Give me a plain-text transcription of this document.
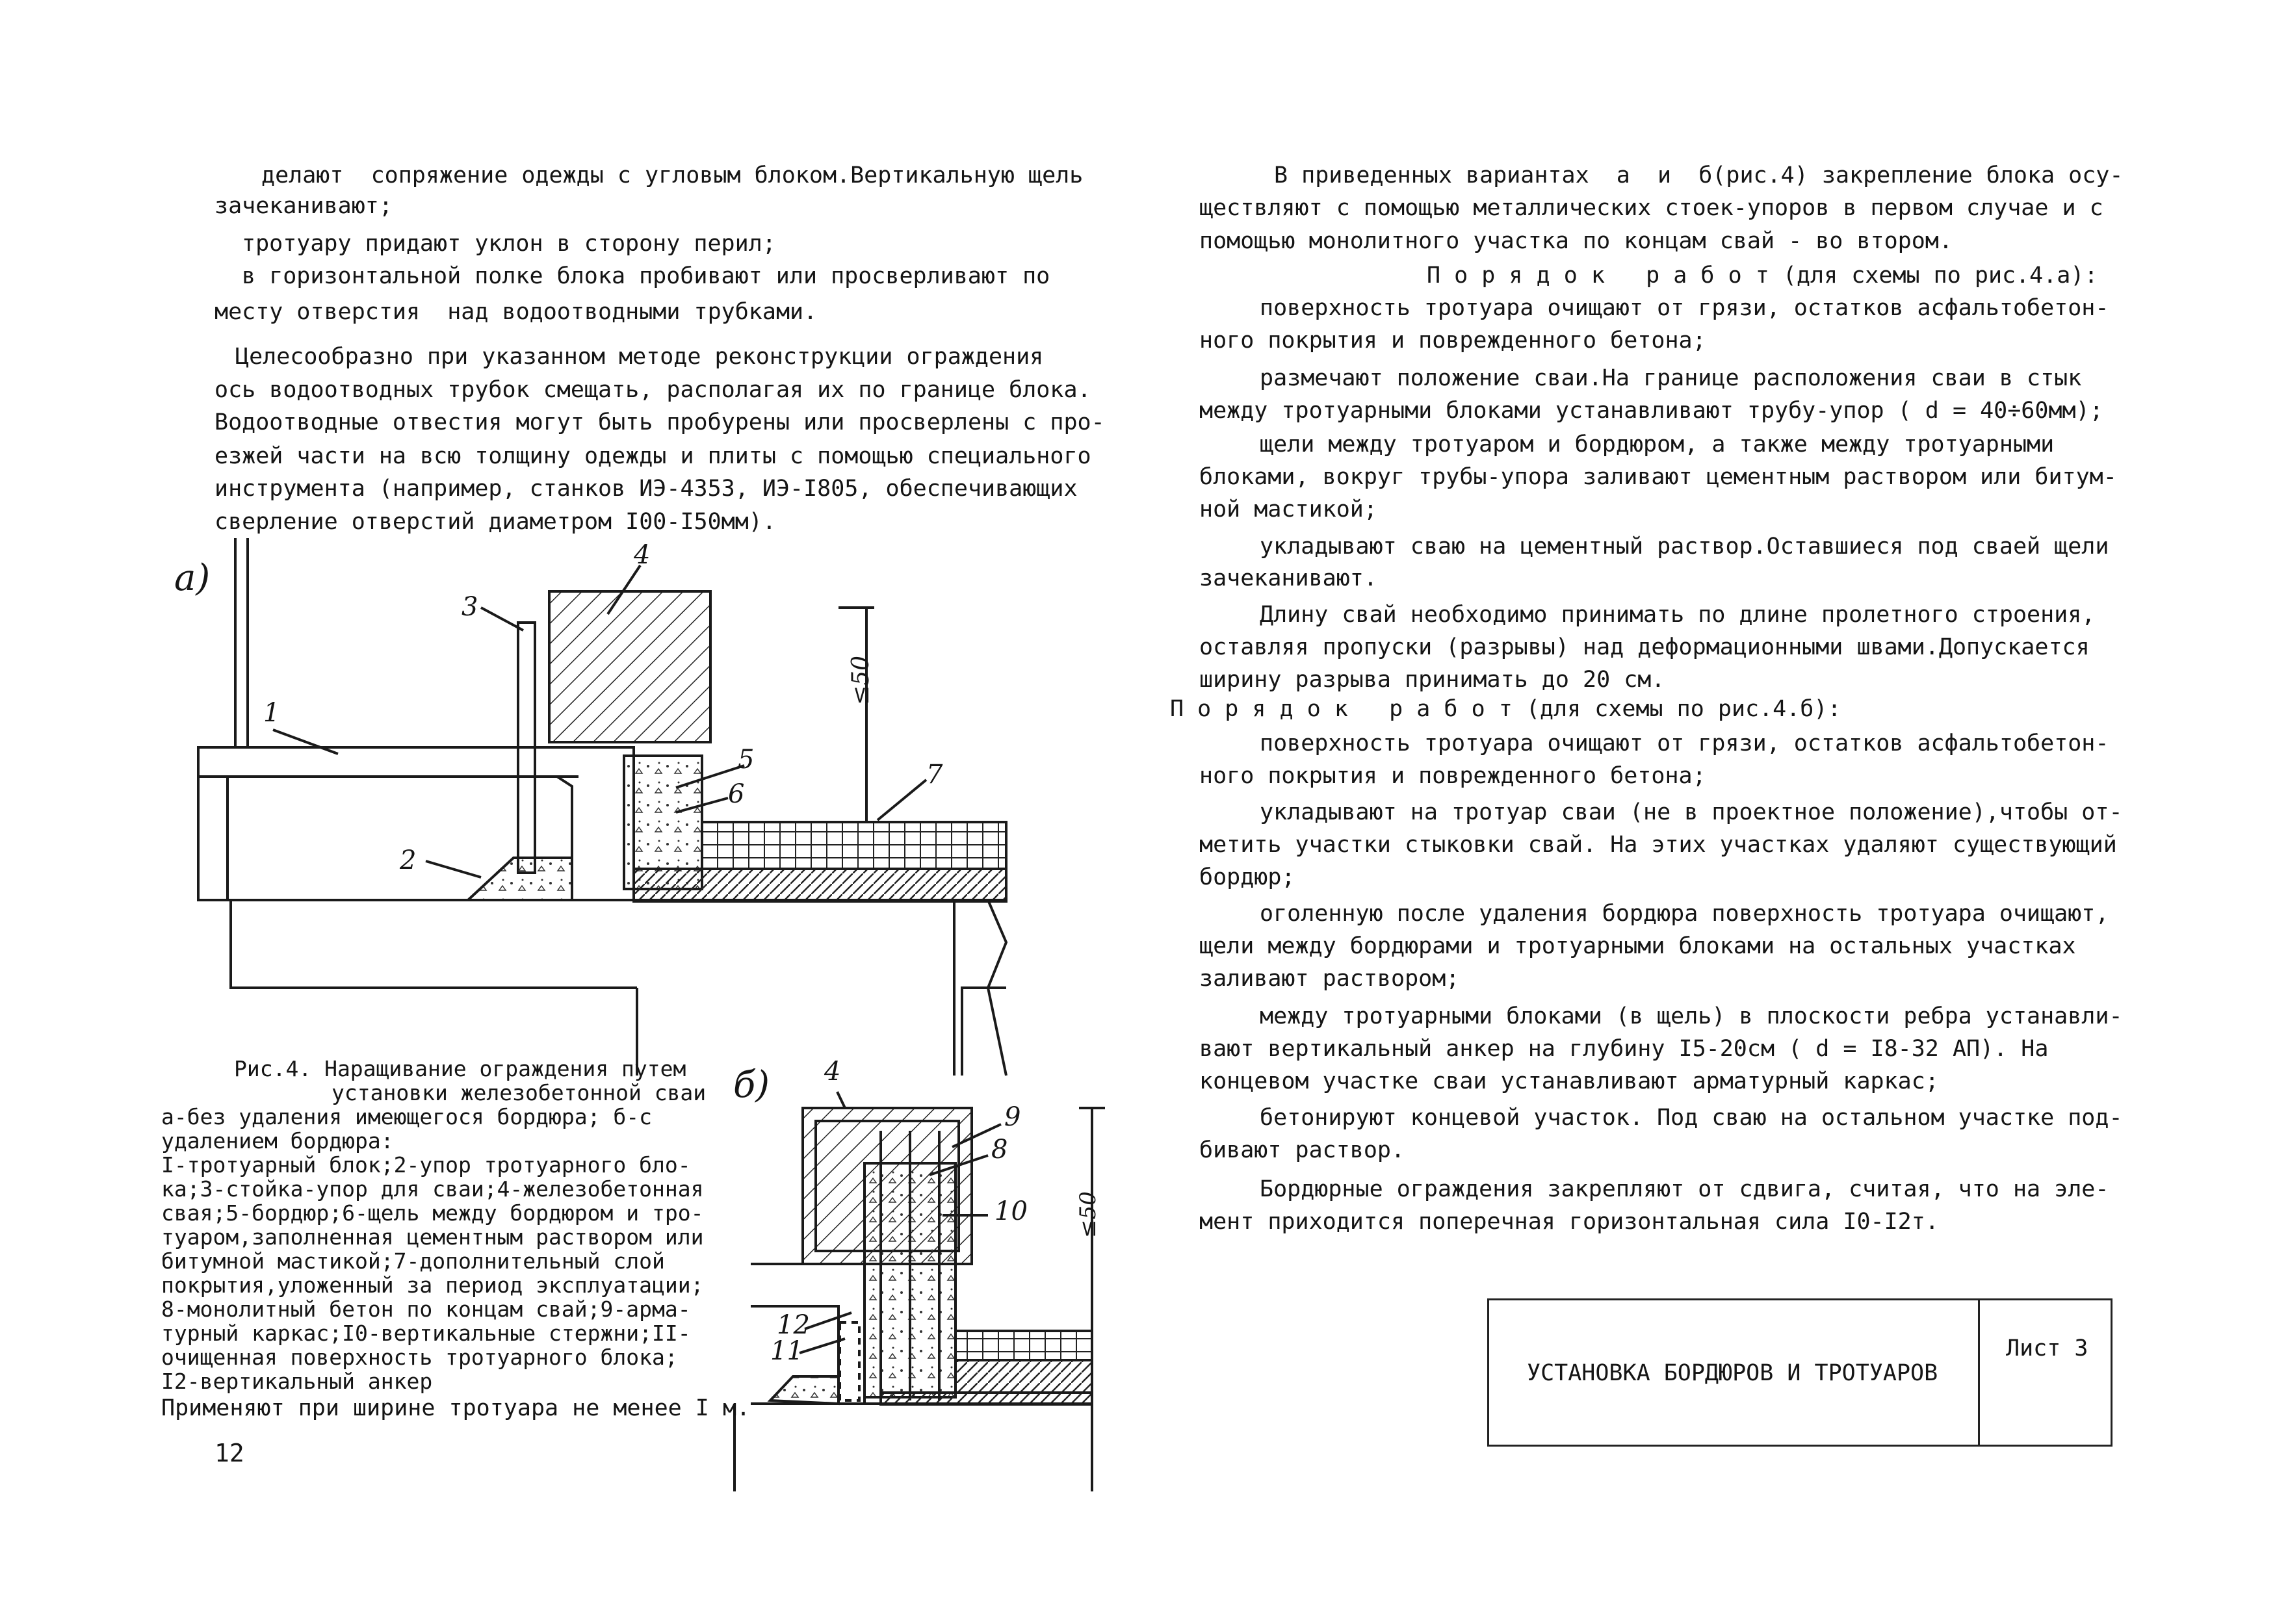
делают  сопряжение одежды с угловым блоком.Вертикальную щель
зачеканивают;
тротуару придают уклон в сторону перил;
в горизонтальной полке блока пробивают или просверливают по
месту отверстия  над водоотводными трубками.
Целесообразно при указанном методе реконструкции ограждения
ось водоотводных трубок смещать, располагая их по границе блока.
Водоотводные отвестия могут быть пробурены или просверлены с про-
езжей части на всю толщину одежды и плиты с помощью специального
инструмента (например, станков ИЭ-4353, ИЭ-I805, обеспечивающих
сверление отверстий диаметром I00-I50мм).
а)
б)
1
2
3
4
5
6
7
≤50
4
9
8
10
12
11
≤50
Рис.4. Наращивание ограждения путем
установки железобетонной сваи
а-без удаления имеющегося бордюра; б-с
удалением бордюра:
I-тротуарный блок;2-упор тротуарного бло-
ка;3-стойка-упор для сваи;4-железобетонная
свая;5-бордюр;6-щель между бордюром и тро-
туаром,заполненная цементным раствором или
битумной мастикой;7-дополнительный слой
покрытия,уложенный за период эксплуатации;
8-монолитный бетон по концам свай;9-арма-
турный каркас;I0-вертикальные стержни;II-
очищенная поверхность тротуарного блока;
I2-вертикальный анкер
Применяют при ширине тротуара не менее I м.
12
В приведенных вариантах  а  и  б(рис.4) закрепление блока осу-
ществляют с помощью металлических стоек-упоров в первом случае и с
помощью монолитного участка по концам свай - во втором.
П о р я д о к   р а б о т (для схемы по рис.4.а):
поверхность тротуара очищают от грязи, остатков асфальтобетон-
ного покрытия и поврежденного бетона;
размечают положение сваи.На границе расположения сваи в стык
между тротуарными блоками устанавливают трубу-упор ( d = 40÷60мм);
щели между тротуаром и бордюром, а также между тротуарными
блоками, вокруг трубы-упора заливают цементным раствором или битум-
ной мастикой;
укладывают сваю на цементный раствор.Оставшиеся под сваей щели
зачеканивают.
Длину свай необходимо принимать по длине пролетного строения,
оставляя пропуски (разрывы) над деформационными швами.Допускается
ширину разрыва принимать до 20 см.
П о р я д о к   р а б о т (для схемы по рис.4.б):
поверхность тротуара очищают от грязи, остатков асфальтобетон-
ного покрытия и поврежденного бетона;
укладывают на тротуар сваи (не в проектное положение),чтобы от-
метить участки стыковки свай. На этих участках удаляют существующий
бордюр;
оголенную после удаления бордюра поверхность тротуара очищают,
щели между бордюрами и тротуарными блоками на остальных участках
заливают раствором;
между тротуарными блоками (в щель) в плоскости ребра устанавли-
вают вертикальный анкер на глубину I5-20см ( d = I8-32 АП). На
концевом участке сваи устанавливают арматурный каркас;
бетонируют концевой участок. Под сваю на остальном участке под-
бивают раствор.
Бордюрные ограждения закрепляют от сдвига, считая, что на эле-
мент приходится поперечная горизонтальная сила I0-I2т.
УСТАНОВКА БОРДЮРОВ И ТРОТУАРОВ
Лист 3
